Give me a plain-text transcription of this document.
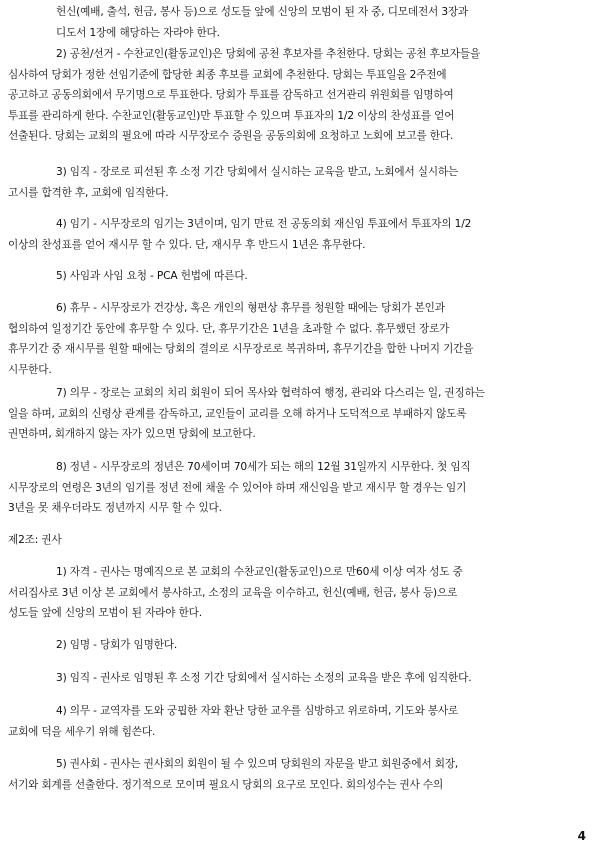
헌신(예배, 출석, 헌금, 봉사 등)으로 성도들 앞에 신앙의 모범이 된 자 중, 디모데전서 3장과
디도서 1장에 해당하는 자라야 한다.
2) 공천/선거 - 수찬교인(활동교인)은 당회에 공천 후보자를 추천한다. 당회는 공천 후보자들을
심사하여 당회가 정한 선임기준에 합당한 최종 후보를 교회에 추천한다. 당회는 투표일을 2주전에
공고하고 공동의회에서 무기명으로 투표한다. 당회가 투표를 감독하고 선거관리 위원회를 임명하여
투표를 관리하게 한다. 수찬교인(활동교인)만 투표할 수 있으며 투표자의 1/2 이상의 찬성표를 얻어
선출된다. 당회는 교회의 필요에 따라 시무장로수 증원을 공동의회에 요청하고 노회에 보고를 한다.
3) 임직 - 장로로 피선된 후 소정 기간 당회에서 실시하는 교육을 받고, 노회에서 실시하는
고시를 합격한 후, 교회에 임직한다.
4) 임기 - 시무장로의 임기는 3년이며, 임기 만료 전 공동의회 재신임 투표에서 투표자의 1/2
이상의 찬성표를 얻어 재시무 할 수 있다. 단, 재시무 후 반드시 1년은 휴무한다.
5) 사임과 사임 요청 - PCA 헌법에 따른다.
6) 휴무 - 시무장로가 건강상, 혹은 개인의 형편상 휴무를 청원할 때에는 당회가 본인과
협의하여 일정기간 동안에 휴무할 수 있다. 단, 휴무기간은 1년을 초과할 수 없다. 휴무했던 장로가
휴무기간 중 재시무를 원할 때에는 당회의 결의로 시무장로로 복귀하며, 휴무기간을 합한 나머지 기간을
시무한다.
7) 의무 - 장로는 교회의 치리 회원이 되어 목사와 협력하여 행정, 관리와 다스리는 일, 권징하는
일을 하며, 교회의 신령상 관계를 감독하고, 교인들이 교리를 오해 하거나 도덕적으로 부패하지 않도록
권면하며, 회개하지 않는 자가 있으면 당회에 보고한다.
8) 정년 - 시무장로의 정년은 70세이며 70세가 되는 해의 12월 31일까지 시무한다. 첫 임직
시무장로의 연령은 3년의 임기를 정년 전에 채울 수 있어야 하며 재신임을 받고 재시무 할 경우는 임기
3년을 못 채우더라도 정년까지 시무 할 수 있다.
제2조: 권사
1) 자격 - 권사는 명예직으로 본 교회의 수찬교인(활동교인)으로 만60세 이상 여자 성도 중
서리집사로 3년 이상 본 교회에서 봉사하고, 소정의 교육을 이수하고, 헌신(예배, 헌금, 봉사 등)으로
성도들 앞에 신앙의 모범이 된 자라야 한다.
2) 임명 - 당회가 임명한다.
3) 임직 - 권사로 임명된 후 소정 기간 당회에서 실시하는 소정의 교육을 받은 후에 임직한다.
4) 의무 - 교역자를 도와 궁핍한 자와 환난 당한 교우를 심방하고 위로하며, 기도와 봉사로
교회에 덕을 세우기 위해 힘쓴다.
5) 권사회 - 권사는 권사회의 회원이 될 수 있으며 당회원의 자문을 받고 회원중에서 회장,
서기와 회계를 선출한다. 정기적으로 모이며 필요시 당회의 요구로 모인다. 회의성수는 권사 수의
4
